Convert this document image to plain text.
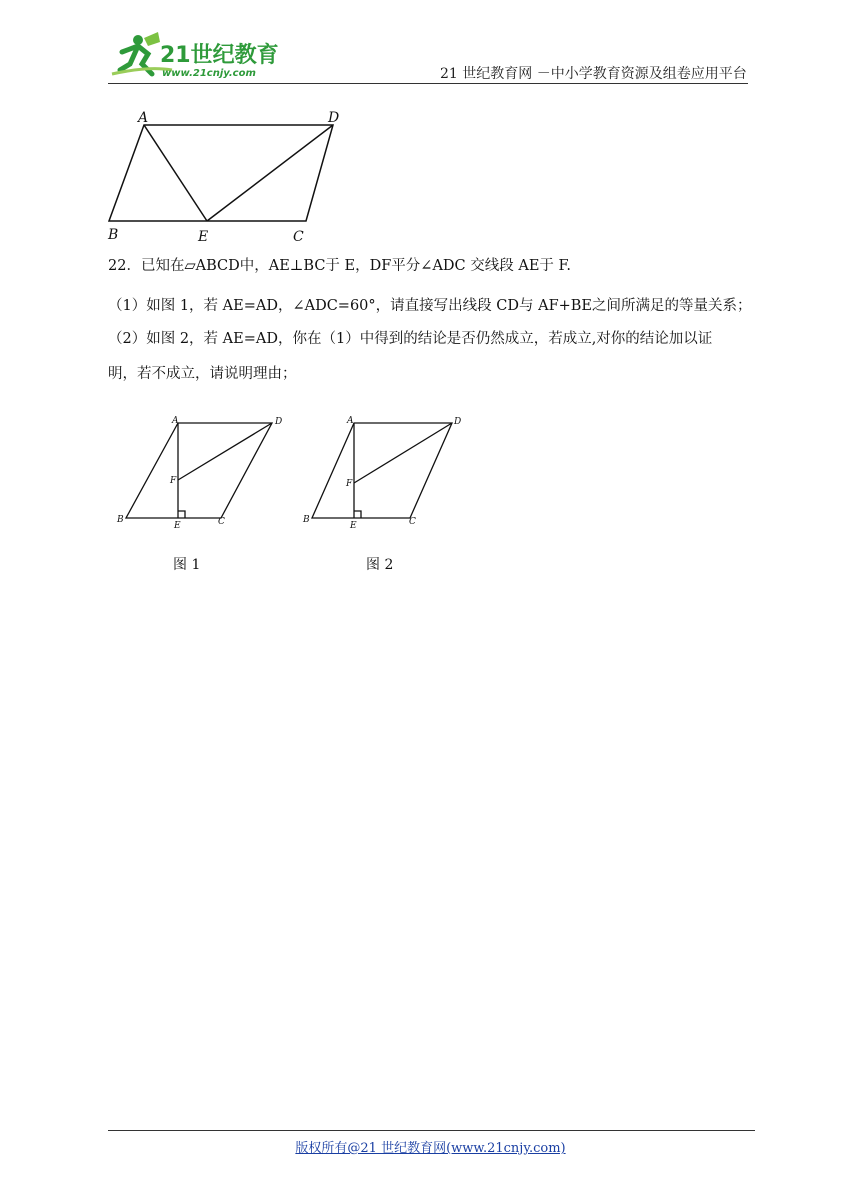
21世纪教育
www.21cnjy.com	21 世纪教育网 －中小学教育资源及组卷应用平台
A	D
B	E	C
22．已知在▱ABCD中，AE⊥BC于 E，DF平分∠ADC 交线段 AE于 F.
（1）如图 1，若 AE=AD，∠ADC=60°，请直接写出线段 CD与 AF+BE之间所满足的等量关系；
（2）如图 2，若 AE=AD，你在（1）中得到的结论是否仍然成立，若成立,对你的结论加以证
明，若不成立，请说明理由；
A	D
F
B
E	C
A	D
F
B
E	C
图 1	图 2
版权所有@21 世纪教育网(www.21cnjy.com)
